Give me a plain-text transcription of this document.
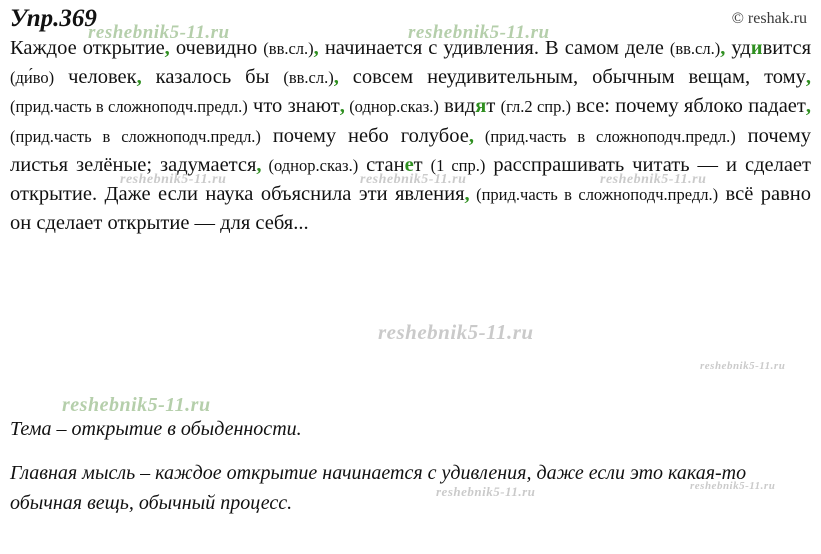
Упр.369	© reshak.ru
Каждое открытие, очевидно (вв.сл.), начинается с удивления. В самом деле (вв.сл.), удивится (ди́во) человек, казалось бы (вв.сл.), совсем неудивительным, обычным вещам, тому, (прид.часть в сложноподч.предл.) что знают, (однор.сказ.) видят (гл.2 спр.) все: почему яблоко падает, (прид.часть в сложноподч.предл.) почему небо голубое, (прид.часть в сложноподч.предл.) почему листья зелёные; задумается, (однор.сказ.) станет (1 спр.) расспрашивать читать — и сделает открытие. Даже если наука объяснила эти явления, (прид.часть в сложноподч.предл.) всё равно он сделает открытие — для себя...
Тема – открытие в обыденности.
Главная мысль – каждое открытие начинается с удивления, даже если это какая-то обычная вещь, обычный процесс.
reshebnik5-11.ru	reshebnik5-11.ru
reshebnik5-11.ru	reshebnik5-11.ru	reshebnik5-11.ru
reshebnik5-11.ru
reshebnik5-11.ru
reshebnik5-11.ru
reshebnik5-11.ru	reshebnik5-11.ru
